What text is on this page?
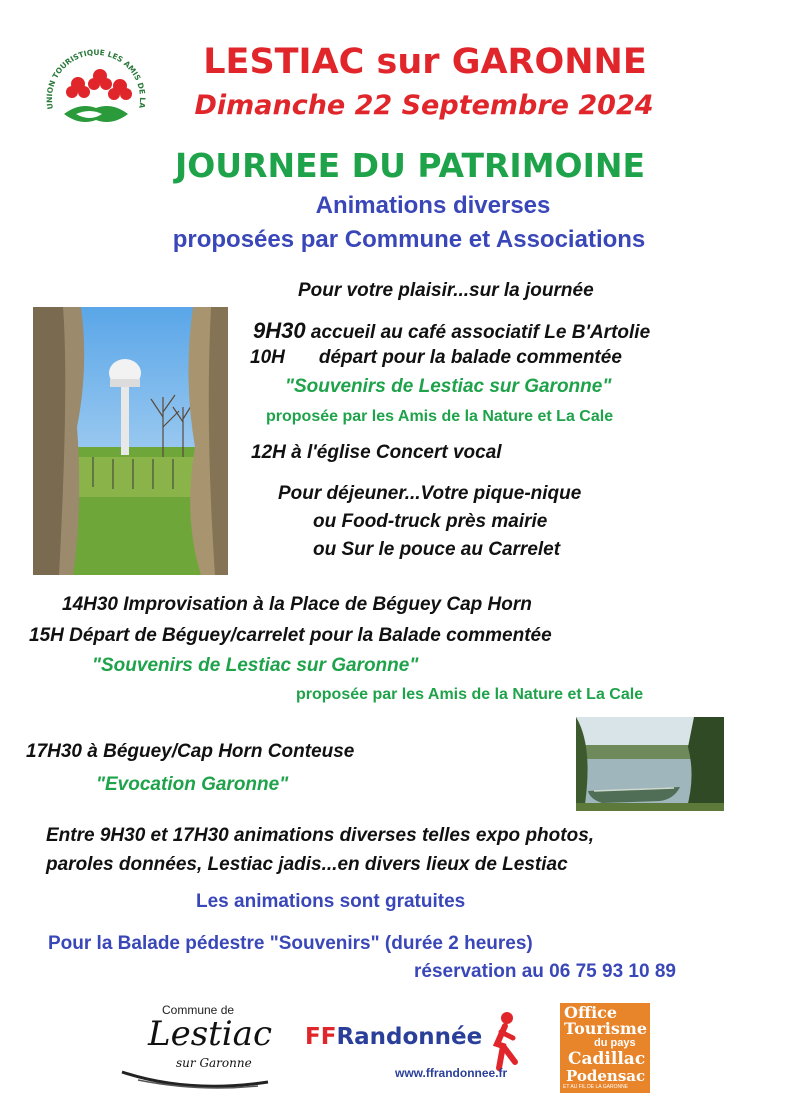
UNION TOURISTIQUE LES AMIS DE LA
LESTIAC sur GARONNE
Dimanche 22 Septembre 2024
JOURNEE DU PATRIMOINE
Animations diverses
proposées par Commune et Associations
Pour votre plaisir...sur la journée
9H30 accueil au café associatif Le B'Artolie
10H départ pour la balade commentée
"Souvenirs de Lestiac sur Garonne"
proposée par les Amis de la Nature et La Cale
12H à l'église Concert vocal
Pour déjeuner...Votre pique-nique
ou Food-truck près mairie
ou Sur le pouce au Carrelet
14H30 Improvisation à la Place de Béguey Cap Horn
15H Départ de Béguey/carrelet pour la Balade commentée
"Souvenirs de Lestiac sur Garonne"
proposée par les Amis de la Nature et La Cale
17H30 à Béguey/Cap Horn Conteuse
"Evocation Garonne"
Entre 9H30 et 17H30 animations diverses telles expo photos,
paroles données, Lestiac jadis...en divers lieux de Lestiac
Les animations sont gratuites
Pour la Balade pédestre "Souvenirs" (durée 2 heures)
réservation au 06 75 93 10 89
Commune de
Lestiac
sur Garonne
FFRandonnée
www.ffrandonnee.fr
Office
Tourisme
du pays
Cadillac
Podensac
ET AU FIL DE LA GARONNE
